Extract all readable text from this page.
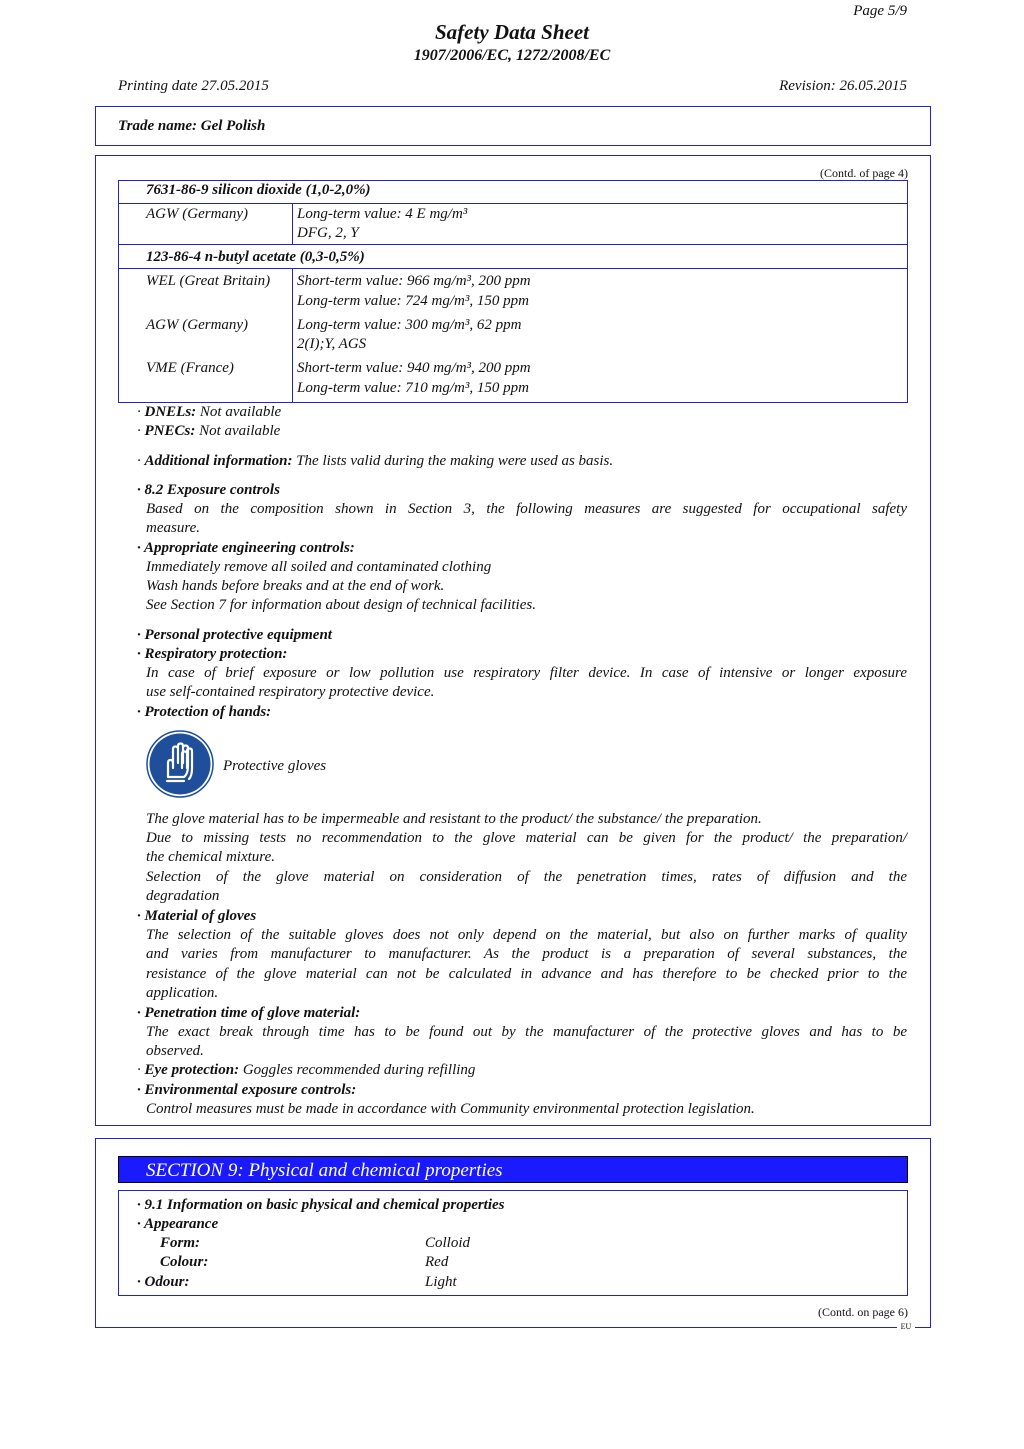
Page 5/9
Safety Data Sheet
1907/2006/EC, 1272/2008/EC
Printing date 27.05.2015	Revision: 26.05.2015
Trade name: Gel Polish
(Contd. of page 4)
7631-86-9 silicon dioxide (1,0-2,0%)
AGW (Germany)	Long-term value: 4 E mg/m³
DFG, 2, Y
123-86-4 n-butyl acetate (0,3-0,5%)
WEL (Great Britain) Short-term value: 966 mg/m³, 200 ppm
Long-term value: 724 mg/m³, 150 ppm
AGW (Germany)	Long-term value: 300 mg/m³, 62 ppm
2(I);Y, AGS
VME (France)	Short-term value: 940 mg/m³, 200 ppm
Long-term value: 710 mg/m³, 150 ppm
· DNELs: Not available
· PNECs: Not available
· Additional information: The lists valid during the making were used as basis.
· 8.2 Exposure controls
Based on the composition shown in Section 3, the following measures are suggested for occupational safety
measure.
· Appropriate engineering controls:
Immediately remove all soiled and contaminated clothing
Wash hands before breaks and at the end of work.
See Section 7 for information about design of technical facilities.
· Personal protective equipment
· Respiratory protection:
In case of brief exposure or low pollution use respiratory filter device. In case of intensive or longer exposure
use self-contained respiratory protective device.
· Protection of hands:
Protective gloves
The glove material has to be impermeable and resistant to the product/ the substance/ the preparation.
Due to missing tests no recommendation to the glove material can be given for the product/ the preparation/
the chemical mixture.
Selection of the glove material on consideration of the penetration times, rates of diffusion and the
degradation
· Material of gloves
The selection of the suitable gloves does not only depend on the material, but also on further marks of quality
and varies from manufacturer to manufacturer. As the product is a preparation of several substances, the
resistance of the glove material can not be calculated in advance and has therefore to be checked prior to the
application.
· Penetration time of glove material:
The exact break through time has to be found out by the manufacturer of the protective gloves and has to be
observed.
· Eye protection: Goggles recommended during refilling
· Environmental exposure controls:
Control measures must be made in accordance with Community environmental protection legislation.
SECTION 9: Physical and chemical properties
· 9.1 Information on basic physical and chemical properties
· Appearance
Form:	Colloid
Colour:	Red
· Odour:	Light
(Contd. on page 6)
EU
